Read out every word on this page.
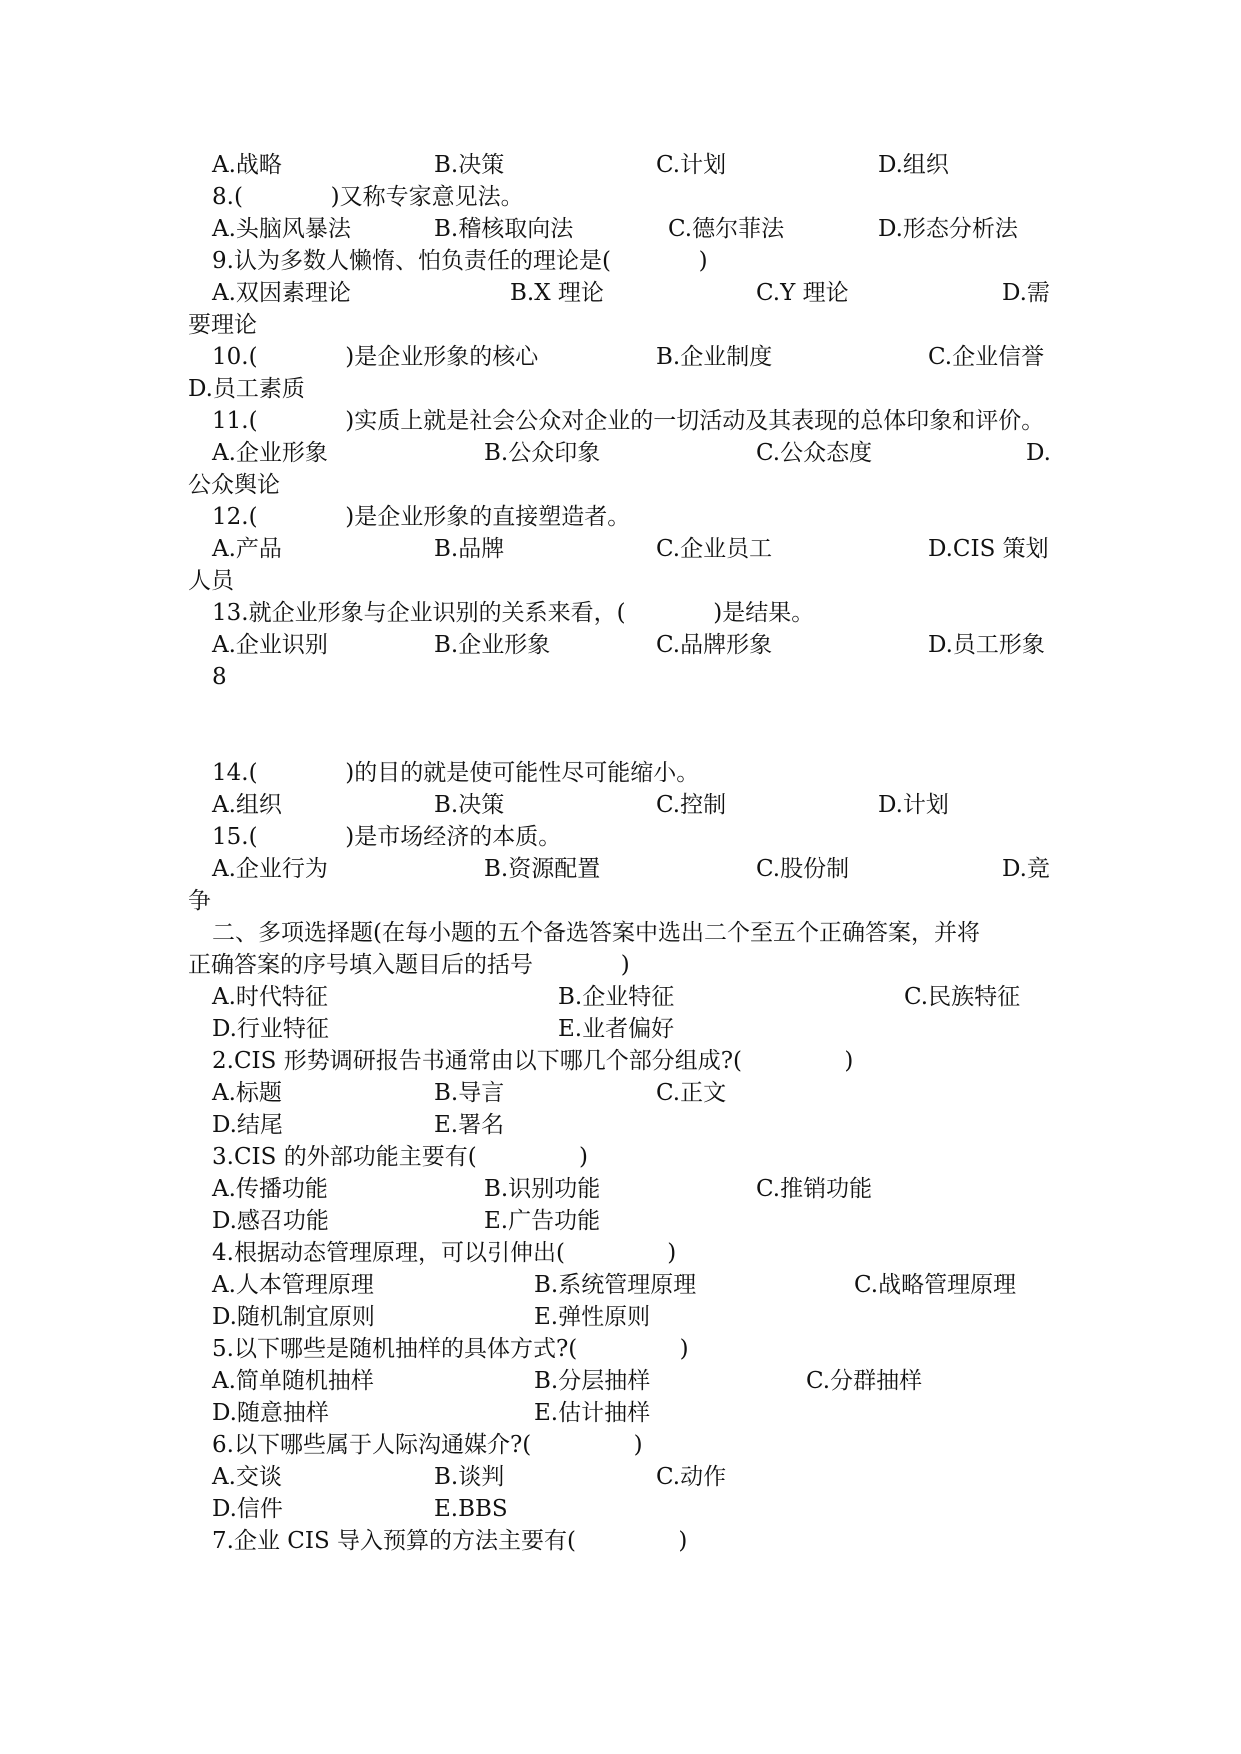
A.战略	B.决策	C.计划	D.组织
8.(            )又称专家意见法。
A.头脑风暴法	B.稽核取向法	C.德尔菲法	D.形态分析法
9.认为多数人懒惰、怕负责任的理论是(            )
A.双因素理论	B.X 理论	C.Y 理论	D.需
要理论
10.(            )是企业形象的核心	B.企业制度	C.企业信誉
D.员工素质
11.(            )实质上就是社会公众对企业的一切活动及其表现的总体印象和评价。
A.企业形象	B.公众印象	C.公众态度	D.
公众舆论
12.(            )是企业形象的直接塑造者。
A.产品	B.品牌	C.企业员工	D.CIS 策划
人员
13.就企业形象与企业识别的关系来看，(            )是结果。
A.企业识别	B.企业形象	C.品牌形象	D.员工形象
8
14.(            )的目的就是使可能性尽可能缩小。
A.组织	B.决策	C.控制	D.计划
15.(            )是市场经济的本质。
A.企业行为	B.资源配置	C.股份制	D.竞
争
二、多项选择题(在每小题的五个备选答案中选出二个至五个正确答案，并将
正确答案的序号填入题目后的括号            )
A.时代特征	B.企业特征	C.民族特征
D.行业特征	E.业者偏好
2.CIS 形势调研报告书通常由以下哪几个部分组成?(              )
A.标题	B.导言	C.正文
D.结尾	E.署名
3.CIS 的外部功能主要有(              )
A.传播功能	B.识别功能	C.推销功能
D.感召功能	E.广告功能
4.根据动态管理原理，可以引伸出(              )
A.人本管理原理	B.系统管理原理	C.战略管理原理
D.随机制宜原则	E.弹性原则
5.以下哪些是随机抽样的具体方式?(              )
A.简单随机抽样	B.分层抽样	C.分群抽样
D.随意抽样	E.估计抽样
6.以下哪些属于人际沟通媒介?(              )
A.交谈	B.谈判	C.动作
D.信件	E.BBS
7.企业 CIS 导入预算的方法主要有(              )
